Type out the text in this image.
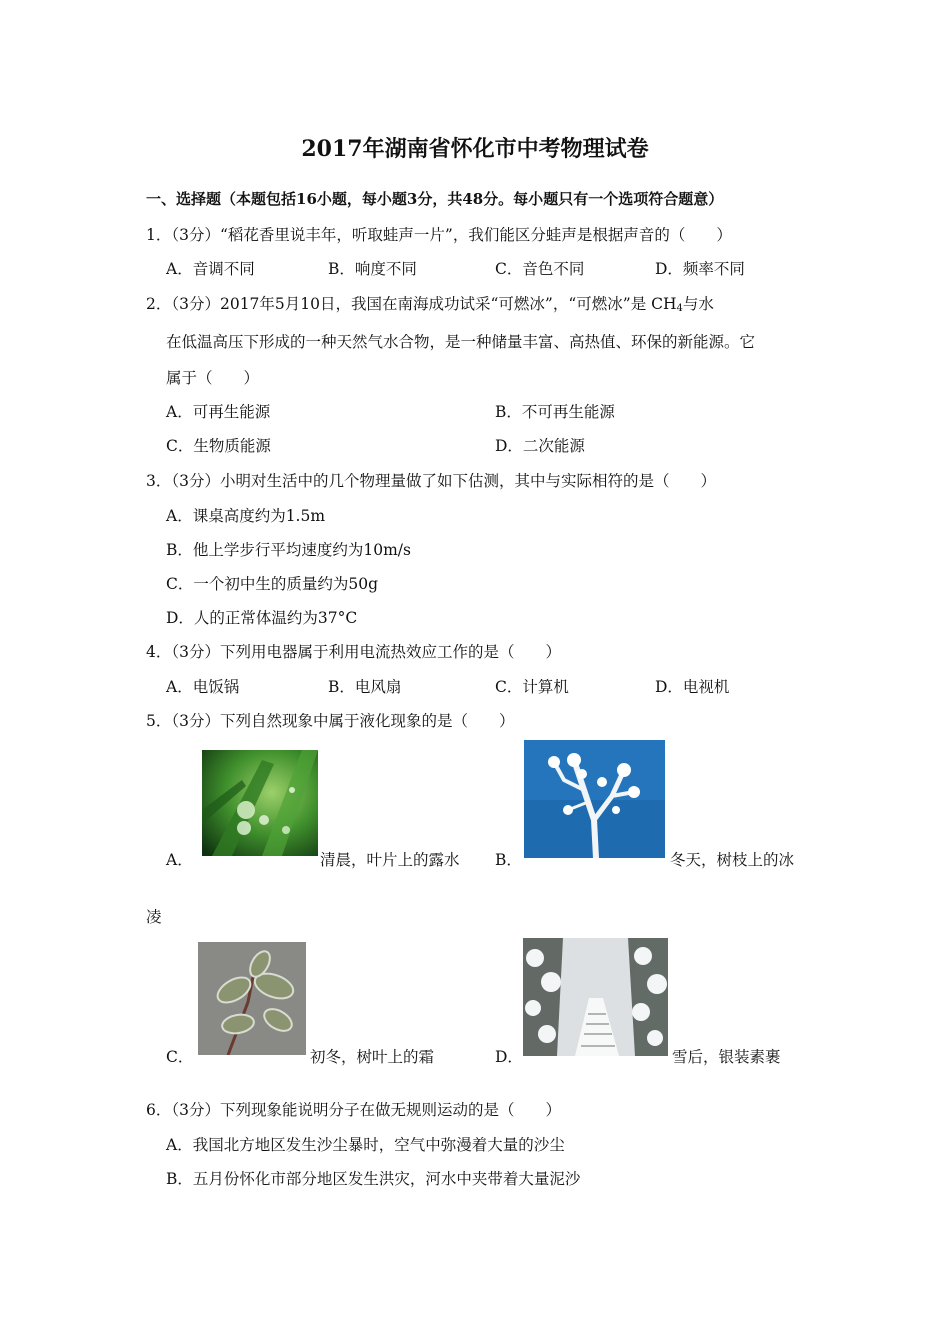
2017年湖南省怀化市中考物理试卷
一、选择题（本题包括16小题，每小题3分，共48分。每小题只有一个选项符合题意）
1．（3分）“稻花香里说丰年，听取蛙声一片”，我们能区分蛙声是根据声音的（　　）
A．音调不同	B．响度不同	C．音色不同	D．频率不同
2．（3分）2017年5月10日，我国在南海成功试采“可燃冰”，“可燃冰”是 $CH_4$与水
在低温高压下形成的一种天然气水合物，是一种储量丰富、高热值、环保的新能源。它
属于（　　）
A．可再生能源	B．不可再生能源
C．生物质能源	D．二次能源
3．（3分）小明对生活中的几个物理量做了如下估测，其中与实际相符的是（　　）
A．课桌高度约为1.5m
B．他上学步行平均速度约为10m/s
C．一个初中生的质量约为50g
D．人的正常体温约为37°C
4．（3分）下列用电器属于利用电流热效应工作的是（　　）
A．电饭锅	B．电风扇	C．计算机	D．电视机
5．（3分）下列自然现象中属于液化现象的是（　　）
A．	清晨，叶片上的露水 B．	冬天，树枝上的冰
凌
C．	初冬，树叶上的霜	D．	雪后，银装素裹
6．（3分）下列现象能说明分子在做无规则运动的是（　　）
A．我国北方地区发生沙尘暴时，空气中弥漫着大量的沙尘
B．五月份怀化市部分地区发生洪灾，河水中夹带着大量泥沙
